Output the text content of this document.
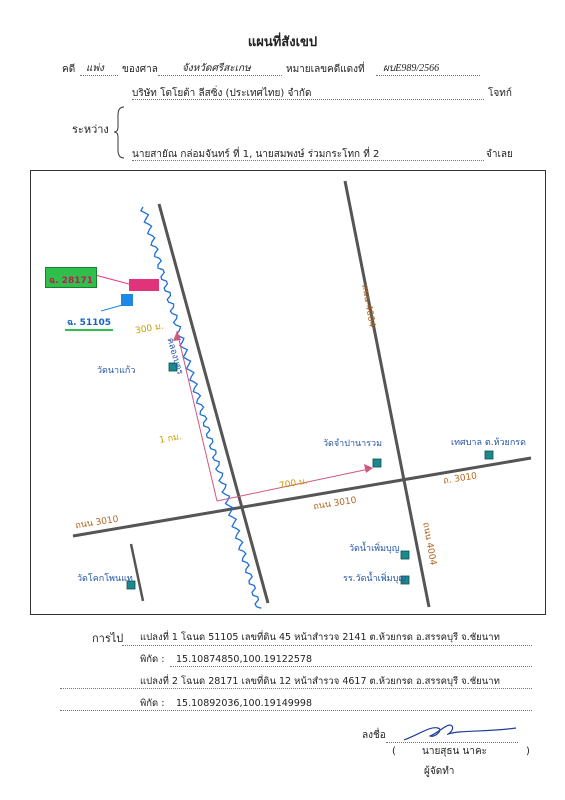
แผนที่สังเขป
คดี แพ่ง ของศาล จังหวัดศรีสะเกษ	หมายเลขคดีแดงที่ ผบE989/2566
ระหว่าง
บริษัท โตโยต้า ลีสซิ่ง (ประเทศไทย) จำกัด	โจทก์
นายสายัณ กล่อมจันทร์ ที่ 1, นายสมพงษ์ ร่วมกระโทก ที่ 2	จำเลย
ฉ. 28171
ฉ. 51105
คลองบุตร
ถนน 3010
ถนน 3010
ถ. 3010
ถนน 4004
ถนน 4004
300 ม.
1 กม.
700 ม.
วัดนาแก้ว
วัดจำปานารวม	เทศบาล ต.ห้วยกรด
วัดน้ำเพิ่มบุญ
รร.วัดน้ำเพิ่มบุญ
วัดโคกโพนแท
การไป แปลงที่ 1 โฉนด 51105 เลขที่ดิน 45 หน้าสำรวจ 2141 ต.ห้วยกรด อ.สรรคบุรี จ.ชัยนาท
พิกัด : 15.10874850,100.19122578
แปลงที่ 2 โฉนด 28171 เลขที่ดิน 12 หน้าสำรวจ 4617 ต.ห้วยกรด อ.สรรคบุรี จ.ชัยนาท
พิกัด : 15.10892036,100.19149998
ลงชื่อ
(	นายสุธน นาคะ	)
ผู้จัดทำ
